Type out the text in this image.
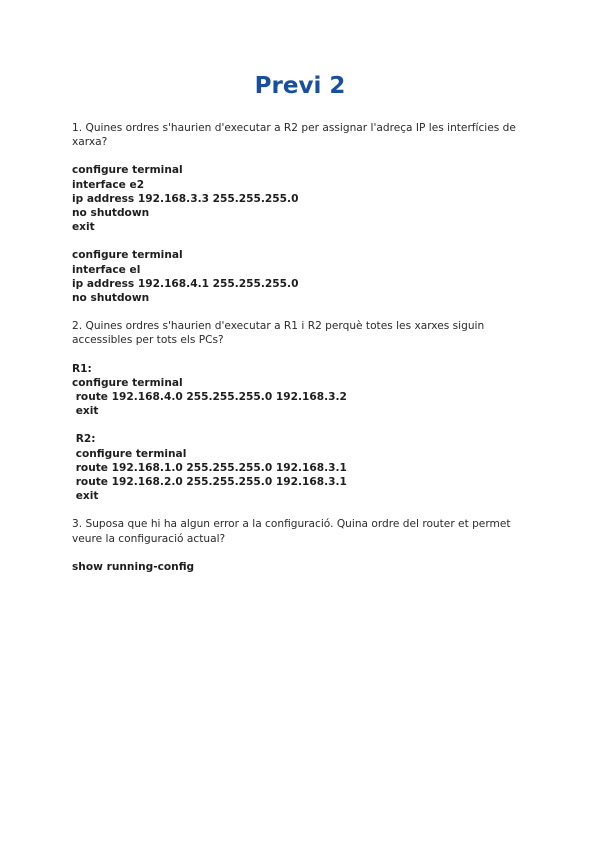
Previ 2

1. Quines ordres s'haurien d'executar a R2 per assignar l'adreça IP les interfícies de xarxa?

configure terminal
interface e2
ip address 192.168.3.3 255.255.255.0
no shutdown
exit
configure terminal
interface el
ip address 192.168.4.1 255.255.255.0
no shutdown

2. Quines ordres s'haurien d'executar a R1 i R2 perquè totes les xarxes siguin accessibles per tots els PCs?

R1:
configure terminal
route 192.168.4.0 255.255.255.0 192.168.3.2
exit
R2:
configure terminal
route 192.168.1.0 255.255.255.0 192.168.3.1
route 192.168.2.0 255.255.255.0 192.168.3.1
exit

3. Suposa que hi ha algun error a la configuració. Quina ordre del router et permet veure la configuració actual?

show running-config
